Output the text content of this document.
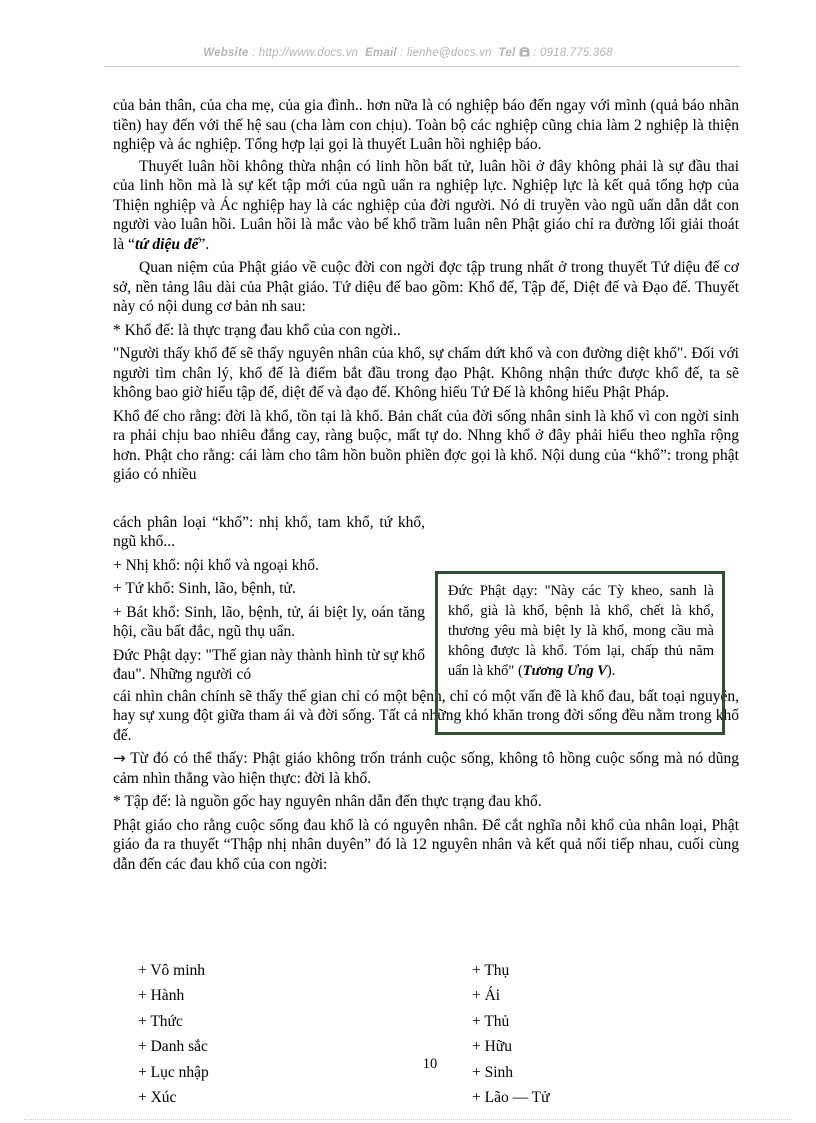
Website : http://www.docs.vn Email : lienhe@docs.vn Tel : 0918.775.368

của bản thân, của cha mẹ, của gia đình.. hơn nữa là có nghiệp báo đến ngay với mình (quả báo nhãn tiền) hay đến với thế hệ sau (cha làm con chịu). Toàn bộ các nghiệp cũng chia làm 2 nghiệp là thiện nghiệp và ác nghiệp. Tổng hợp lại gọi là thuyết Luân hồi nghiệp báo.

Thuyết luân hồi không thừa nhận có linh hồn bất tử, luân hồi ở đây không phải là sự đầu thai của linh hồn mà là sự kết tập mới của ngũ uẩn ra nghiệp lực. Nghiệp lực là kết quả tổng hợp của Thiện nghiệp và Ác nghiệp hay là các nghiệp của đời người. Nó di truyền vào ngũ uẩn dẫn dắt con người vào luân hồi. Luân hồi là mắc vào bể khổ trầm luân nên Phật giáo chỉ ra đường lối giải thoát là “tứ diệu đế”.

Quan niệm của Phật giáo về cuộc đời con ngời đợc tập trung nhất ở trong thuyết Tứ diệu đế cơ sở, nền tảng lâu dài của Phật giáo. Tứ diệu đế bao gồm: Khổ đế, Tập đế, Diệt đế và Đạo đế. Thuyết này có nội dung cơ bản nh sau:

* Khổ đế: là thực trạng đau khổ của con ngời..

"Người thấy khổ đế sẽ thấy nguyên nhân của khổ, sự chấm dứt khổ và con đường diệt khổ". Đối với người tìm chân lý, khổ đế là điểm bắt đầu trong đạo Phật. Không nhận thức được khổ đế, ta sẽ không bao giờ hiểu tập đế, diệt đế và đạo đế. Không hiểu Tứ Đế là không hiểu Phật Pháp.

Khổ đế cho rằng: đời là khổ, tồn tại là khổ. Bản chất của đời sống nhân sinh là khổ vì con ngời sinh ra phải chịu bao nhiêu đắng cay, ràng buộc, mất tự do. Nhng khổ ở đây phải hiểu theo nghĩa rộng hơn. Phật cho rằng: cái làm cho tâm hồn buồn phiền đợc gọi là khổ. Nội dung của “khổ”: trong phật giáo có nhiều

cách phân loại “khổ”: nhị khổ, tam khổ, tứ khổ, ngũ khổ...

+ Nhị khổ: nội khổ và ngoại khổ.

+ Tứ khổ: Sinh, lão, bệnh, tử.

+ Bát khổ: Sinh, lão, bệnh, tử, ái biệt ly, oán tăng hội, cầu bất đắc, ngũ thụ uẩn.

Đức Phật dạy: "Thế gian này thành hình từ sự khổ đau". Những người có

cái nhìn chân chính sẽ thấy thế gian chỉ có một bệnh, chỉ có một vấn đề là khổ đau, bất toại nguyện, hay sự xung đột giữa tham ái và đời sống. Tất cả những khó khăn trong đời sống đều nằm trong khổ đế.

→ Từ đó có thể thấy: Phật giáo không trốn tránh cuộc sống, không tô hồng cuộc sống mà nó dũng cảm nhìn thẳng vào hiện thực: đời là khổ.

* Tập đế: là nguồn gốc hay nguyên nhân dẫn đến thực trạng đau khổ.

Phật giáo cho rằng cuộc sống đau khổ là có nguyên nhân. Để cắt nghĩa nỗi khổ của nhân loại, Phật giáo đa ra thuyết “Thập nhị nhân duyên” đó là 12 nguyên nhân và kết quả nối tiếp nhau, cuối cùng dẫn đến các đau khổ của con ngời:

Đức Phật dạy: "Này các Tỳ kheo, sanh là khổ, già là khổ, bệnh là khổ, chết là khổ, thương yêu mà biệt ly là khổ, mong cầu mà không được là khổ. Tóm lại, chấp thủ năm uẩn là khổ" (Tương Ưng V).
+ Vô minh
+ Hành
+ Thức
+ Danh sắc
+ Lục nhập
+ Xúc
+ Thụ
+ Ái
+ Thủ
+ Hữu
+ Sinh
+ Lão — Tử
10
